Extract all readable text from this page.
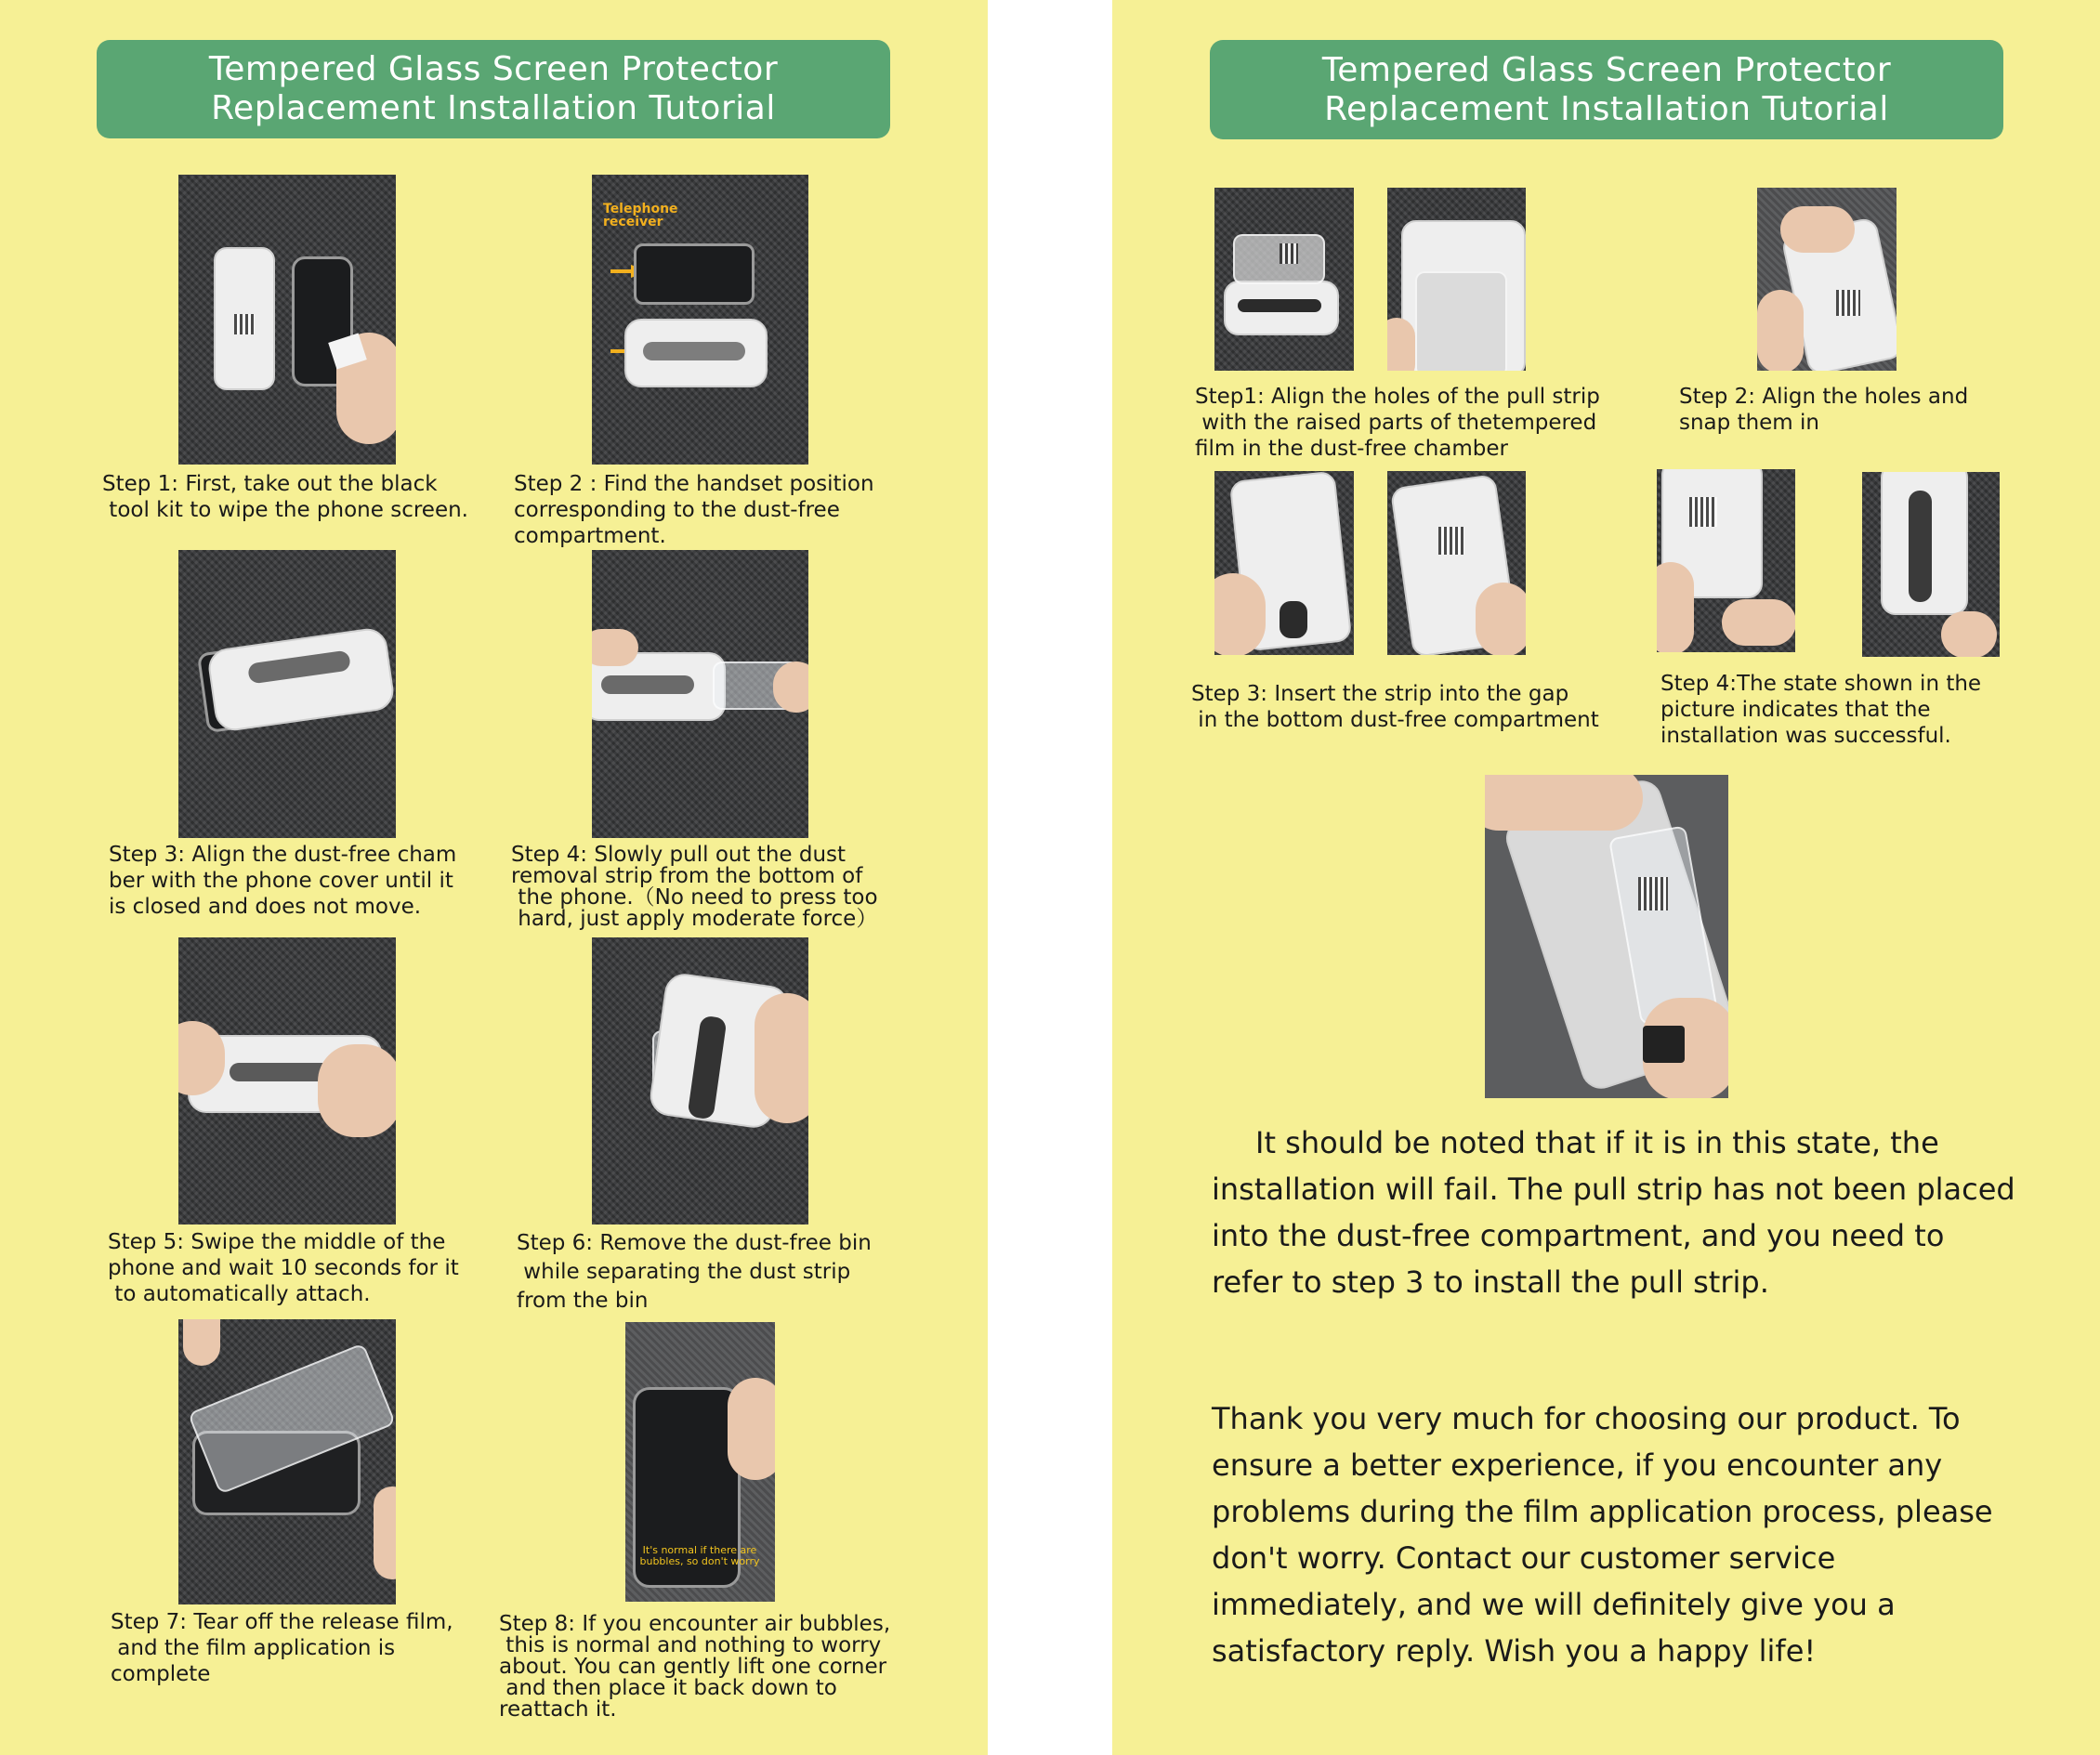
Tempered Glass Screen Protector
Replacement Installation Tutorial
Telephone
receiver
Step 1: First, take out the black
tool kit to wipe the phone screen.
Step 2 : Find the handset position
corresponding to the dust-free
compartment.
Step 3: Align the dust-free cham
ber with the phone cover until it
is closed and does not move.
Step 4: Slowly pull out the dust
removal strip from the bottom of
the phone.（No need to press too
hard, just apply moderate force）
Step 5: Swipe the middle of the
phone and wait 10 seconds for it
to automatically attach.
Step 6: Remove the dust-free bin
while separating the dust strip
from the bin
It's normal if there are
bubbles, so don't worry
Step 7: Tear off the release film,
and the film application is
complete
Step 8: If you encounter air bubbles,
this is normal and nothing to worry
about. You can gently lift one corner
and then place it back down to
reattach it.
Tempered Glass Screen Protector
Replacement Installation Tutorial
Step1: Align the holes of the pull strip
with the raised parts of thetempered
film in the dust-free chamber
Step 2: Align the holes and
snap them in
Step 3: Insert the strip into the gap
in the bottom dust-free compartment
Step 4:The state shown in the
picture indicates that the
installation was successful.
It should be noted that if it is in this state, the installation will fail. The pull strip has not been placed into the dust-free compartment, and you need to refer to step 3 to install the pull strip.
Thank you very much for choosing our product. To ensure a better experience, if you encounter any problems during the film application process, please don't worry. Contact our customer service immediately, and we will definitely give you a satisfactory reply. Wish you a happy life!
